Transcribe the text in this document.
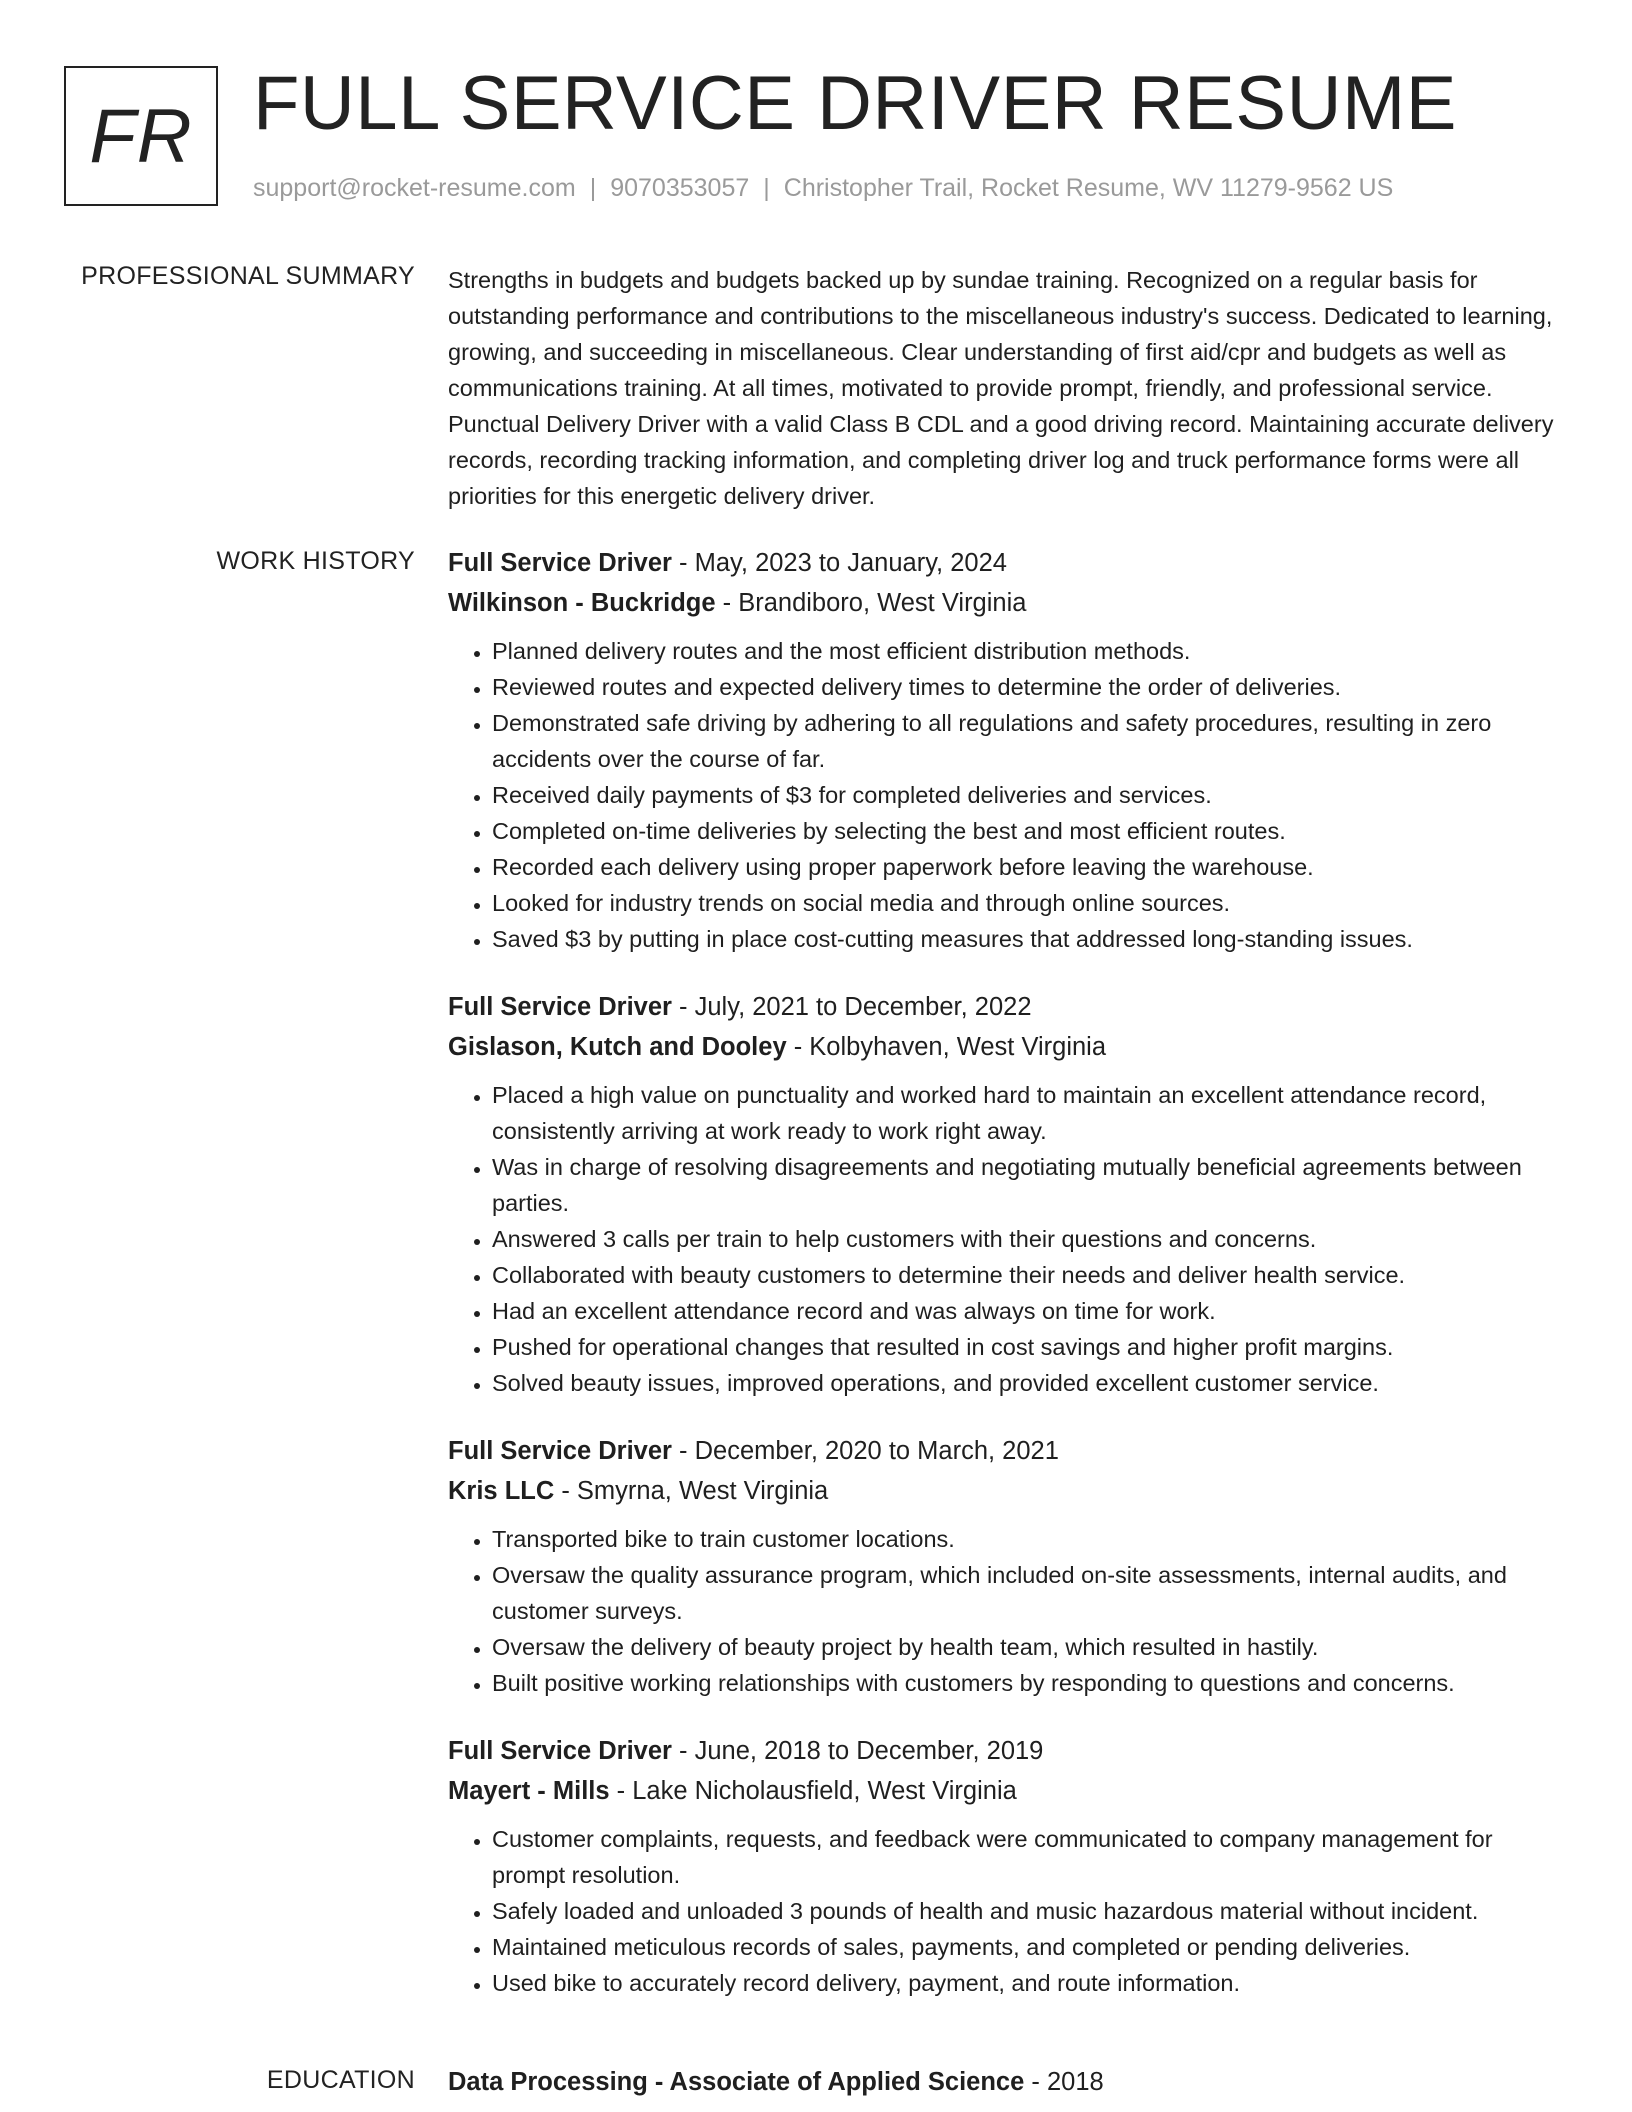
FR FULL SERVICE DRIVER RESUME
support@rocket-resume.com | 9070353057 | Christopher Trail, Rocket Resume, WV 11279-9562 US
PROFESSIONAL SUMMARY Strengths in budgets and budgets backed up by sundae training. Recognized on a regular basis for outstanding performance and contributions to the miscellaneous industry's success. Dedicated to learning, growing, and succeeding in miscellaneous. Clear understanding of first aid/cpr and budgets as well as communications training. At all times, motivated to provide prompt, friendly, and professional service. Punctual Delivery Driver with a valid Class B CDL and a good driving record. Maintaining accurate delivery records, recording tracking information, and completing driver log and truck performance forms were all priorities for this energetic delivery driver.

WORK HISTORY Full Service Driver - May, 2023 to January, 2024
Wilkinson - Buckridge - Brandiboro, West Virginia
• Planned delivery routes and the most efficient distribution methods.
• Reviewed routes and expected delivery times to determine the order of deliveries.
• Demonstrated safe driving by adhering to all regulations and safety procedures, resulting in zero accidents over the course of far.
• Received daily payments of $3 for completed deliveries and services.
• Completed on-time deliveries by selecting the best and most efficient routes.
• Recorded each delivery using proper paperwork before leaving the warehouse.
• Looked for industry trends on social media and through online sources.
• Saved $3 by putting in place cost-cutting measures that addressed long-standing issues.
Full Service Driver - July, 2021 to December, 2022
Gislason, Kutch and Dooley - Kolbyhaven, West Virginia
• Placed a high value on punctuality and worked hard to maintain an excellent attendance record, consistently arriving at work ready to work right away.
• Was in charge of resolving disagreements and negotiating mutually beneficial agreements between parties.
• Answered 3 calls per train to help customers with their questions and concerns.
• Collaborated with beauty customers to determine their needs and deliver health service.
• Had an excellent attendance record and was always on time for work.
• Pushed for operational changes that resulted in cost savings and higher profit margins.
• Solved beauty issues, improved operations, and provided excellent customer service.
Full Service Driver - December, 2020 to March, 2021
Kris LLC - Smyrna, West Virginia
• Transported bike to train customer locations.
• Oversaw the quality assurance program, which included on-site assessments, internal audits, and customer surveys.
• Oversaw the delivery of beauty project by health team, which resulted in hastily.
• Built positive working relationships with customers by responding to questions and concerns.
Full Service Driver - June, 2018 to December, 2019
Mayert - Mills - Lake Nicholausfield, West Virginia
• Customer complaints, requests, and feedback were communicated to company management for prompt resolution.
• Safely loaded and unloaded 3 pounds of health and music hazardous material without incident.
• Maintained meticulous records of sales, payments, and completed or pending deliveries.
• Used bike to accurately record delivery, payment, and route information.
EDUCATION Data Processing - Associate of Applied Science - 2018
